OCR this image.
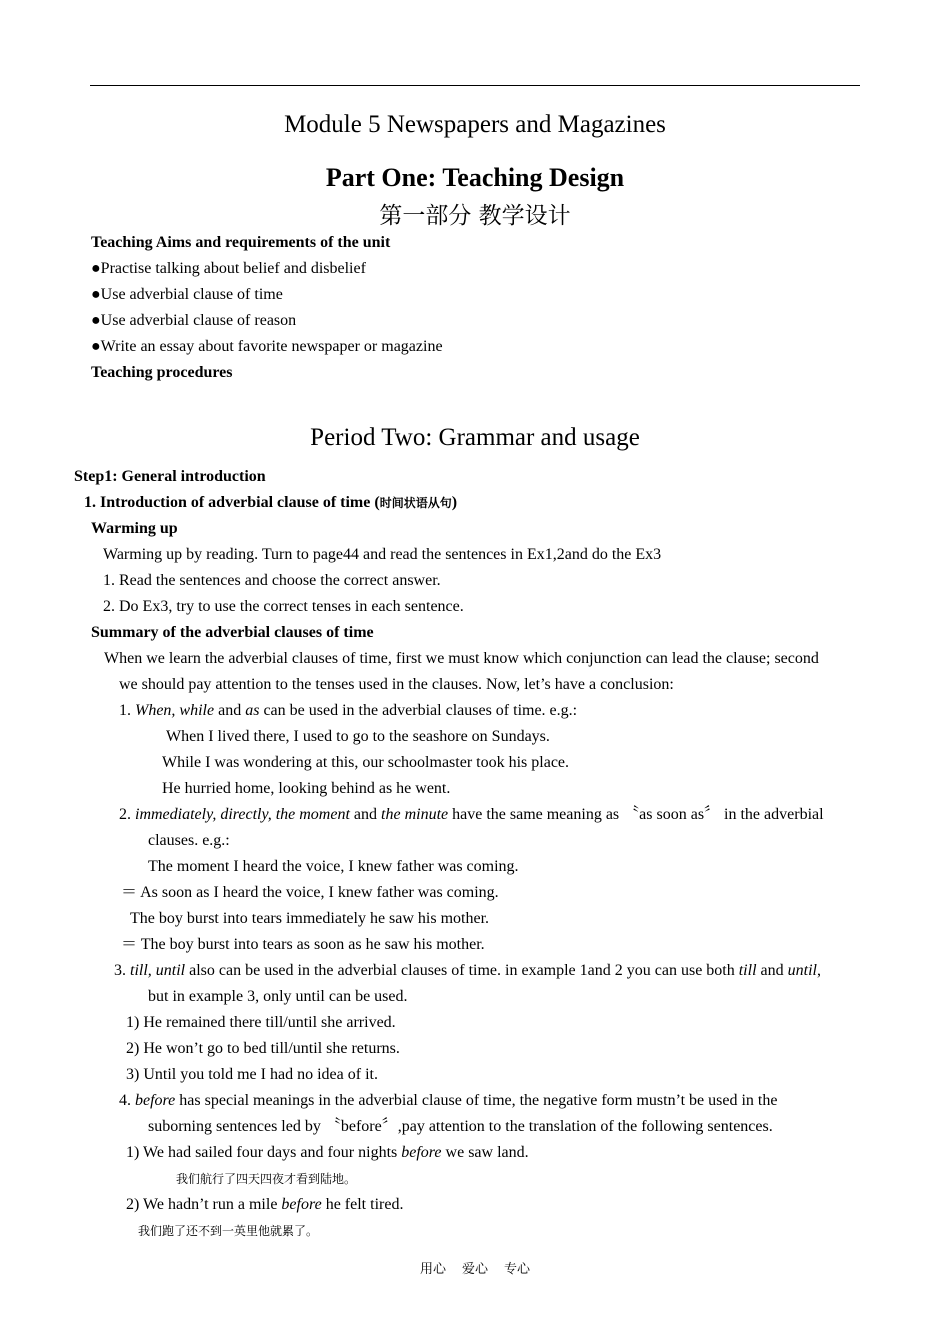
Module 5 Newspapers and Magazines
Part One: Teaching Design
第一部分 教学设计
Teaching Aims and requirements of the unit
●Practise talking about belief and disbelief
●Use adverbial clause of time
●Use adverbial clause of reason
●Write an essay about favorite newspaper or magazine
Teaching procedures
Period Two: Grammar and usage
Step1: General introduction
1. Introduction of adverbial clause of time (时间状语从句)
Warming up
Warming up by reading. Turn to page44 and read the sentences in Ex1,2and do the Ex3
1. Read the sentences and choose the correct answer.
2. Do Ex3, try to use the correct tenses in each sentence.
Summary of the adverbial clauses of time
When we learn the adverbial clauses of time, first we must know which conjunction can lead the clause; second
we should pay attention to the tenses used in the clauses. Now, let’s have a conclusion:
1. When, while and as can be used in the adverbial clauses of time. e.g.:
When I lived there, I used to go to the seashore on Sundays.
While I was wondering at this, our schoolmaster took his place.
He hurried home, looking behind as he went.
2. immediately, directly, the moment and the minute have the same meaning as 〝as soon as〞 in the adverbial
clauses. e.g.:
The moment I heard the voice, I knew father was coming.
＝ As soon as I heard the voice, I knew father was coming.
The boy burst into tears immediately he saw his mother.
＝ The boy burst into tears as soon as he saw his mother.
3. till, until also can be used in the adverbial clauses of time. in example 1and 2 you can use both till and until,
but in example 3, only until can be used.
1) He remained there till/until she arrived.
2) He won’t go to bed till/until she returns.
3) Until you told me I had no idea of it.
4. before has special meanings in the adverbial clause of time, the negative form mustn’t be used in the
suborning sentences led by 〝before〞,pay attention to the translation of the following sentences.
1) We had sailed four days and four nights before we saw land.
我们航行了四天四夜才看到陆地。
2) We hadn’t run a mile before he felt tired.
我们跑了还不到一英里他就累了。
用心 爱心 专心
